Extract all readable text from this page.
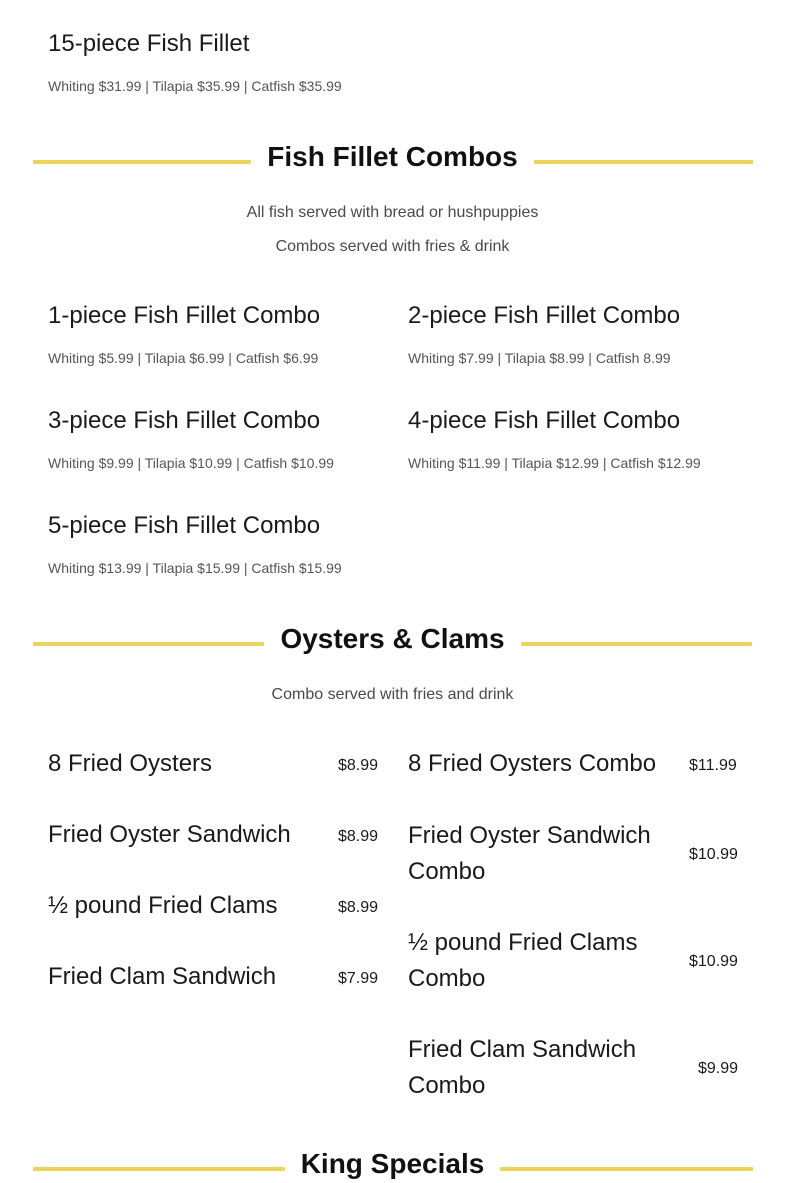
15-piece Fish Fillet
Whiting $31.99 | Tilapia $35.99 | Catfish $35.99
Fish Fillet Combos
All fish served with bread or hushpuppies
Combos served with fries & drink
1-piece Fish Fillet Combo
Whiting $5.99 | Tilapia $6.99 | Catfish $6.99
2-piece Fish Fillet Combo
Whiting $7.99 | Tilapia $8.99 | Catfish 8.99
3-piece Fish Fillet Combo
Whiting $9.99 | Tilapia $10.99 | Catfish $10.99
4-piece Fish Fillet Combo
Whiting $11.99 | Tilapia $12.99 | Catfish $12.99
5-piece Fish Fillet Combo
Whiting $13.99 | Tilapia $15.99 | Catfish $15.99
Oysters & Clams
Combo served with fries and drink
8 Fried Oysters	$8.99
Fried Oyster Sandwich	$8.99
½ pound Fried Clams	$8.99
Fried Clam Sandwich	$7.99
8 Fried Oysters Combo $11.99
Fried Oyster Sandwich Combo
$10.99
½ pound Fried Clams Combo
$10.99
Fried Clam Sandwich Combo
$9.99
King Specials
